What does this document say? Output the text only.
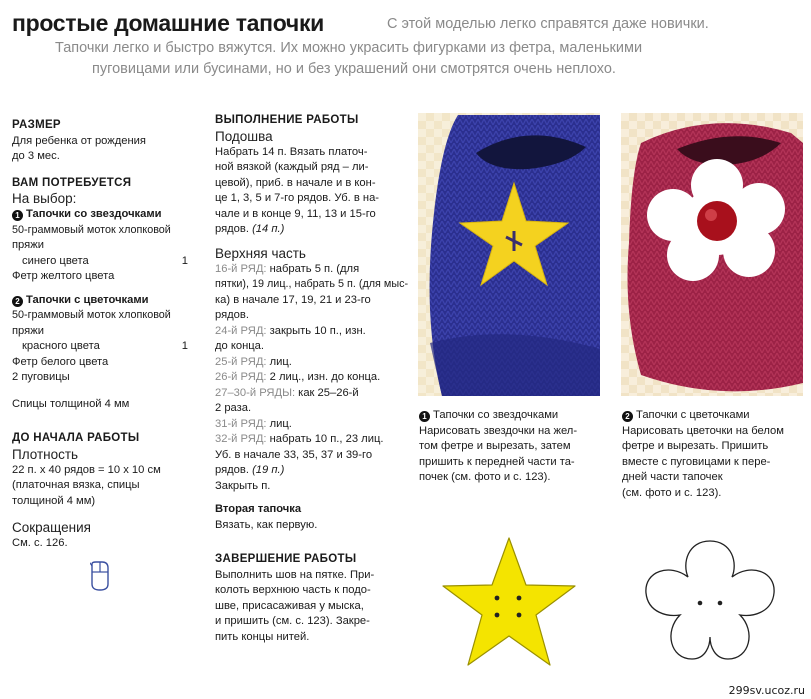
простые домашние тапочки	С этой моделью легко справятся даже новички.
Тапочки легко и быстро вяжутся. Их можно украсить фигурками из фетра, маленькими
пуговицами или бусинами, но и без украшений они смотрятся очень неплохо.
РАЗМЕР
Для ребенка от рождения
до 3 мес.
ВАМ ПОТРЕБУЕТСЯ
На выбор:
1 Тапочки со звездочками
50-граммовый моток хлопковой
пряжи
синего цвета	1
Фетр желтого цвета
2 Тапочки с цветочками
50-граммовый моток хлопковой
пряжи
красного цвета	1
Фетр белого цвета
2 пуговицы
Спицы толщиной 4 мм
ДО НАЧАЛА РАБОТЫ
Плотность
22 п. х 40 рядов = 10 х 10 см
(платочная вязка, спицы
толщиной 4 мм)
Сокращения
См. с. 126.
ВЫПОЛНЕНИЕ РАБОТЫ
Подошва
Набрать 14 п. Вязать платоч-
ной вязкой (каждый ряд – ли-
цевой), приб. в начале и в кон-
це 1, 3, 5 и 7-го рядов. Уб. в на-
чале и в конце 9, 11, 13 и 15-го
рядов. (14 п.)
Верхняя часть
16-й РЯД: набрать 5 п. (для
пятки), 19 лиц., набрать 5 п. (для мыс-
ка) в начале 17, 19, 21 и 23-го
рядов.
24-й РЯД: закрыть 10 п., изн.
до конца.
25-й РЯД: лиц.
26-й РЯД: 2 лиц., изн. до конца.
27–30-й РЯДЫ: как 25–26-й
2 раза.
31-й РЯД: лиц.
32-й РЯД: набрать 10 п., 23 лиц.
Уб. в начале 33, 35, 37 и 39-го
рядов. (19 п.)
Закрыть п.
Вторая тапочка
Вязать, как первую.
ЗАВЕРШЕНИЕ РАБОТЫ
Выполнить шов на пятке. При-
колоть верхнюю часть к подо-
шве, присасаживая у мыска,
и пришить (см. с. 123). Закре-
пить концы нитей.
1 Тапочки со звездочками
Нарисовать звездочки на жел-
том фетре и вырезать, затем
пришить к передней части та-
почек (см. фото и с. 123).
2 Тапочки с цветочками
Нарисовать цветочки на белом
фетре и вырезать. Пришить
вместе с пуговицами к пере-
дней части тапочек
(см. фото и с. 123).
299sv.ucoz.ru
